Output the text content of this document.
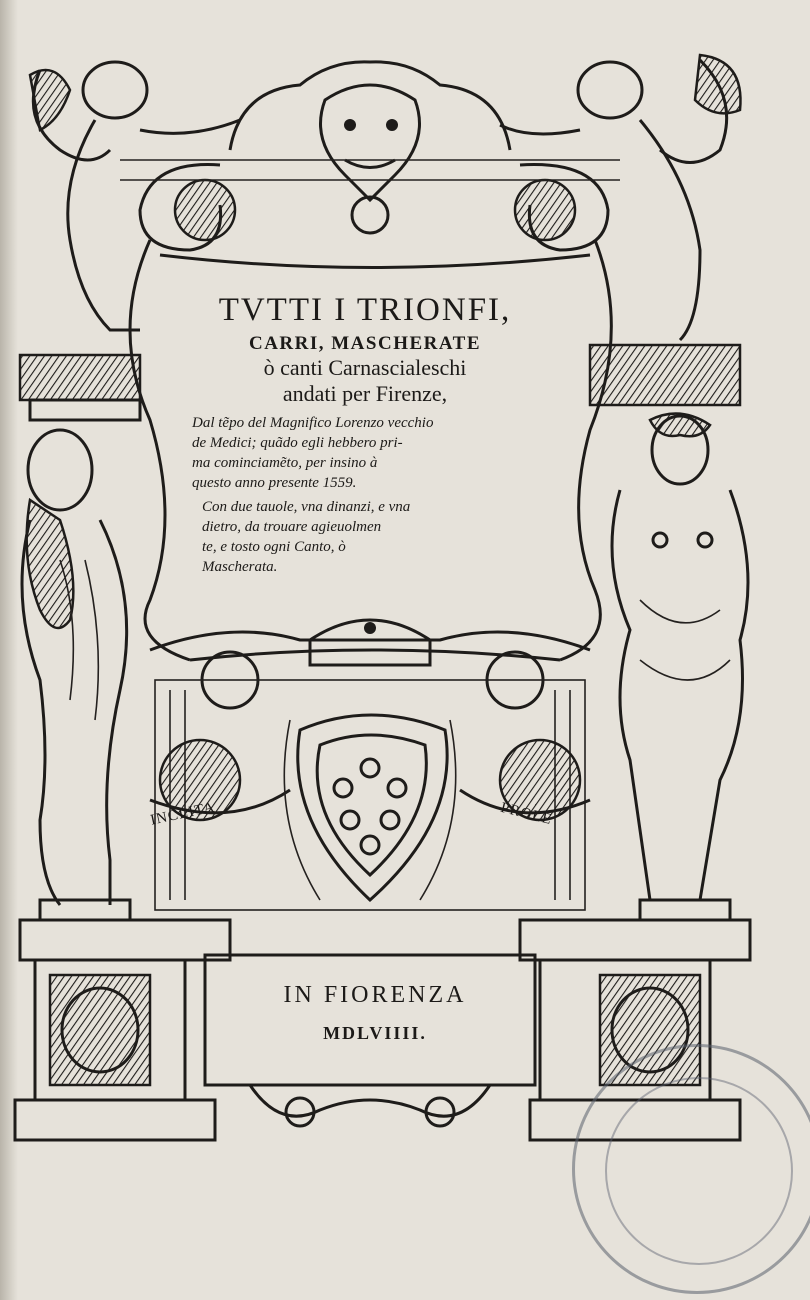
TVTTI I TRIONFI,

CARRI, MASCHERATE

ò canti Carnascialeschi

andati per Firenze,

Dal tẽpo del Magnifico Lorenzo vecchio
de Medici; quãdo egli hebbero pri-
ma cominciamẽto, per insino à
questo anno presente 1559.
Con due tauole, vna dinanzi, e vna
dietro, da trouare agieuolmen
te, e tosto ogni Canto, ò
Mascherata.
INCLITA	PROLE

IN FIORENZA

MDLVIIII.
